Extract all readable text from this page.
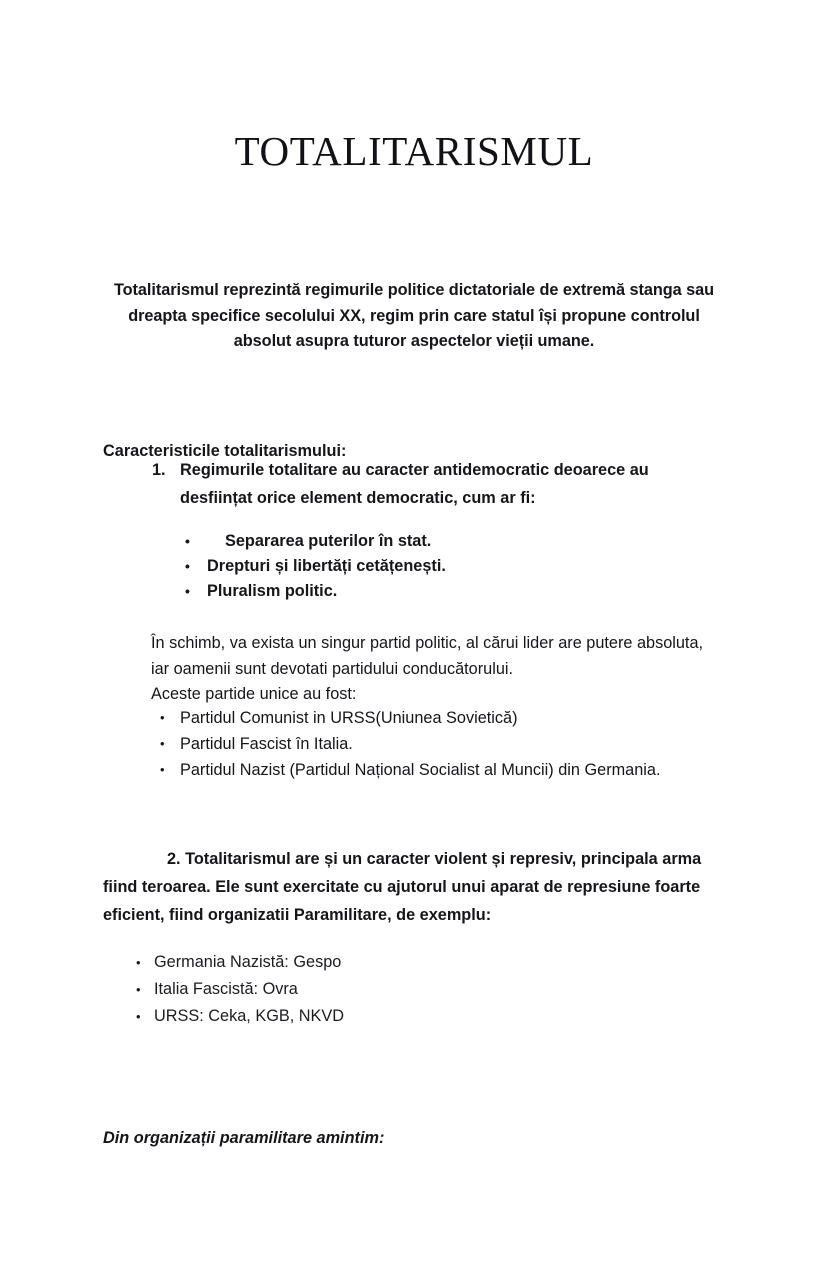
TOTALITARISMUL

Totalitarismul reprezintă regimurile politice dictatoriale de extremă stanga sau dreapta specifice secolului XX, regim prin care statul își propune controlul absolut asupra tuturor aspectelor vieții umane.

Caracteristicile totalitarismului:

1. Regimurile totalitare au caracter antidemocratic deoarece au desființat orice element democratic, cum ar fi:
• Separarea puterilor în stat.
• Drepturi și libertăți cetățenești.
• Pluralism politic.
În schimb, va exista un singur partid politic, al cărui lider are putere absoluta,
iar oamenii sunt devotati partidului conducătorului.
Aceste partide unice au fost:
• Partidul Comunist in URSS(Uniunea Sovietică)
• Partidul Fascist în Italia.
• Partidul Nazist (Partidul Național Socialist al Muncii) din Germania.

2. Totalitarismul are și un caracter violent și represiv, principala arma fiind teroarea. Ele sunt exercitate cu ajutorul unui aparat de represiune foarte eficient, fiind organizatii Paramilitare, de exemplu:

• Germania Nazistă: Gespo
• Italia Fascistă: Ovra
• URSS: Ceka, KGB, NKVD

Din organizații paramilitare amintim:
